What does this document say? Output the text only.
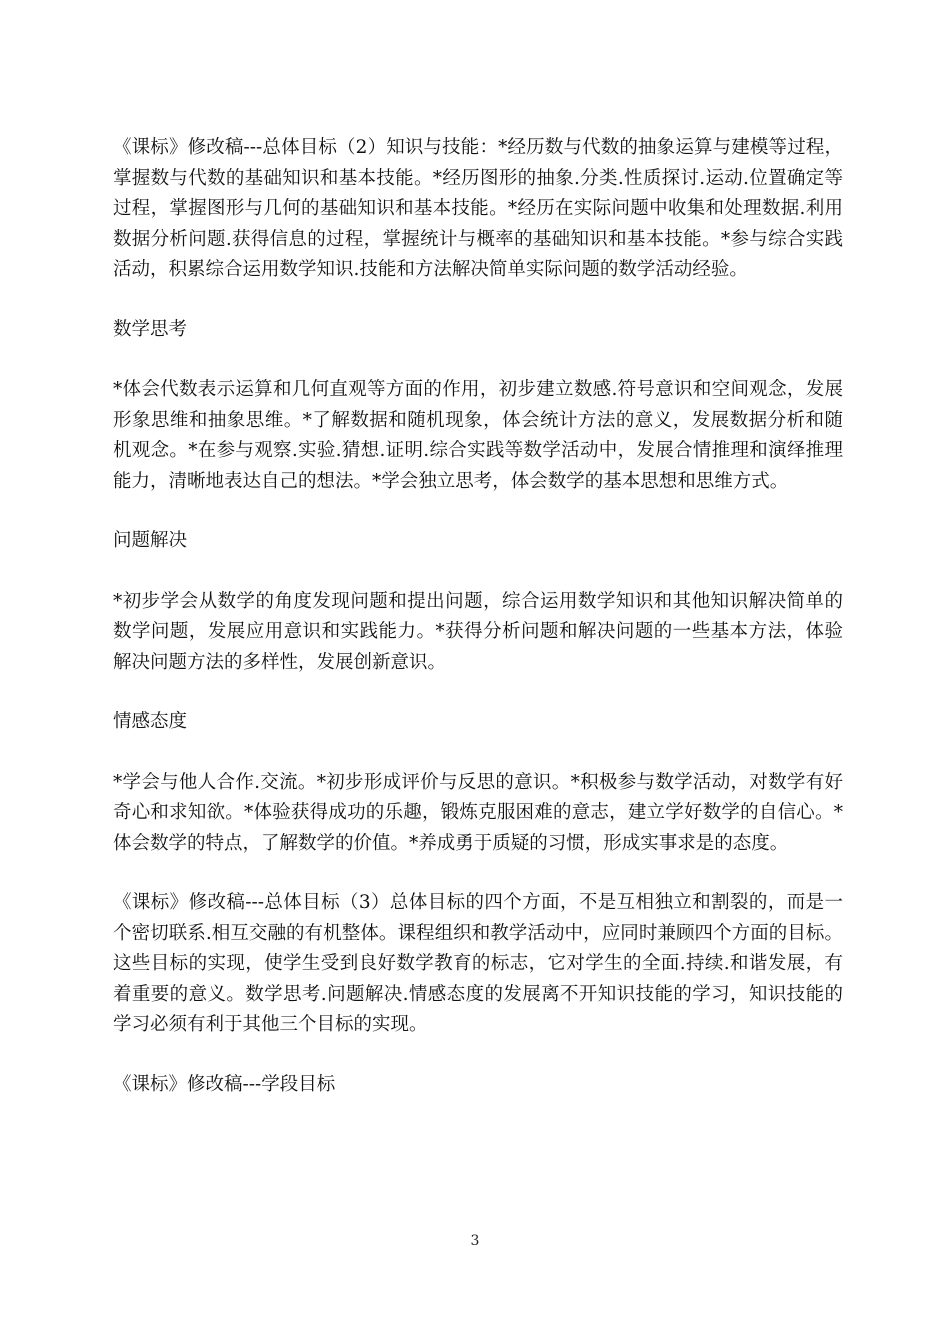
《课标》修改稿---总体目标（2）知识与技能：*经历数与代数的抽象运算与建模等过程，掌握数与代数的基础知识和基本技能。*经历图形的抽象.分类.性质探讨.运动.位置确定等过程，掌握图形与几何的基础知识和基本技能。*经历在实际问题中收集和处理数据.利用数据分析问题.获得信息的过程，掌握统计与概率的基础知识和基本技能。*参与综合实践活动，积累综合运用数学知识.技能和方法解决简单实际问题的数学活动经验。

数学思考

*体会代数表示运算和几何直观等方面的作用，初步建立数感.符号意识和空间观念，发展形象思维和抽象思维。*了解数据和随机现象，体会统计方法的意义，发展数据分析和随机观念。*在参与观察.实验.猜想.证明.综合实践等数学活动中，发展合情推理和演绎推理能力，清晰地表达自己的想法。*学会独立思考，体会数学的基本思想和思维方式。

问题解决

*初步学会从数学的角度发现问题和提出问题，综合运用数学知识和其他知识解决简单的数学问题，发展应用意识和实践能力。*获得分析问题和解决问题的一些基本方法，体验解决问题方法的多样性，发展创新意识。

情感态度

*学会与他人合作.交流。*初步形成评价与反思的意识。*积极参与数学活动，对数学有好奇心和求知欲。*体验获得成功的乐趣，锻炼克服困难的意志，建立学好数学的自信心。*体会数学的特点，了解数学的价值。*养成勇于质疑的习惯，形成实事求是的态度。

《课标》修改稿---总体目标（3）总体目标的四个方面，不是互相独立和割裂的，而是一个密切联系.相互交融的有机整体。课程组织和教学活动中，应同时兼顾四个方面的目标。这些目标的实现，使学生受到良好数学教育的标志，它对学生的全面.持续.和谐发展，有着重要的意义。数学思考.问题解决.情感态度的发展离不开知识技能的学习，知识技能的学习必须有利于其他三个目标的实现。

《课标》修改稿---学段目标

3
